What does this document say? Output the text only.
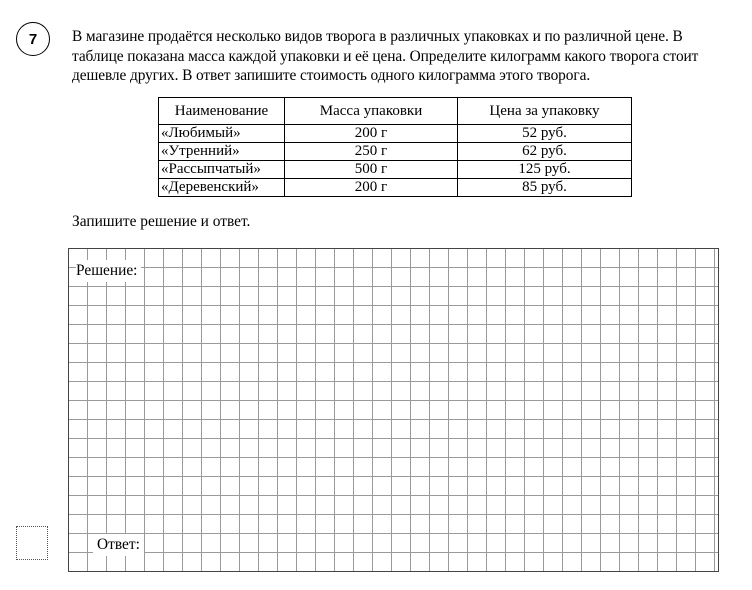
7	В магазине продаётся несколько видов творога в различных упаковках и по различной цене. В таблице показана масса каждой упаковки и её цена. Определите килограмм какого творога стоит дешевле других. В ответ запишите стоимость одного килограмма этого творога.

Наименование	Масса упаковки	Цена за упаковку
«Любимый»	200 г	52 руб.
«Утренний»	250 г	62 руб.
«Рассыпчатый»	500 г	125 руб.
«Деревенский»	200 г	85 руб.
Запишите решение и ответ.
Решение:
Ответ:
